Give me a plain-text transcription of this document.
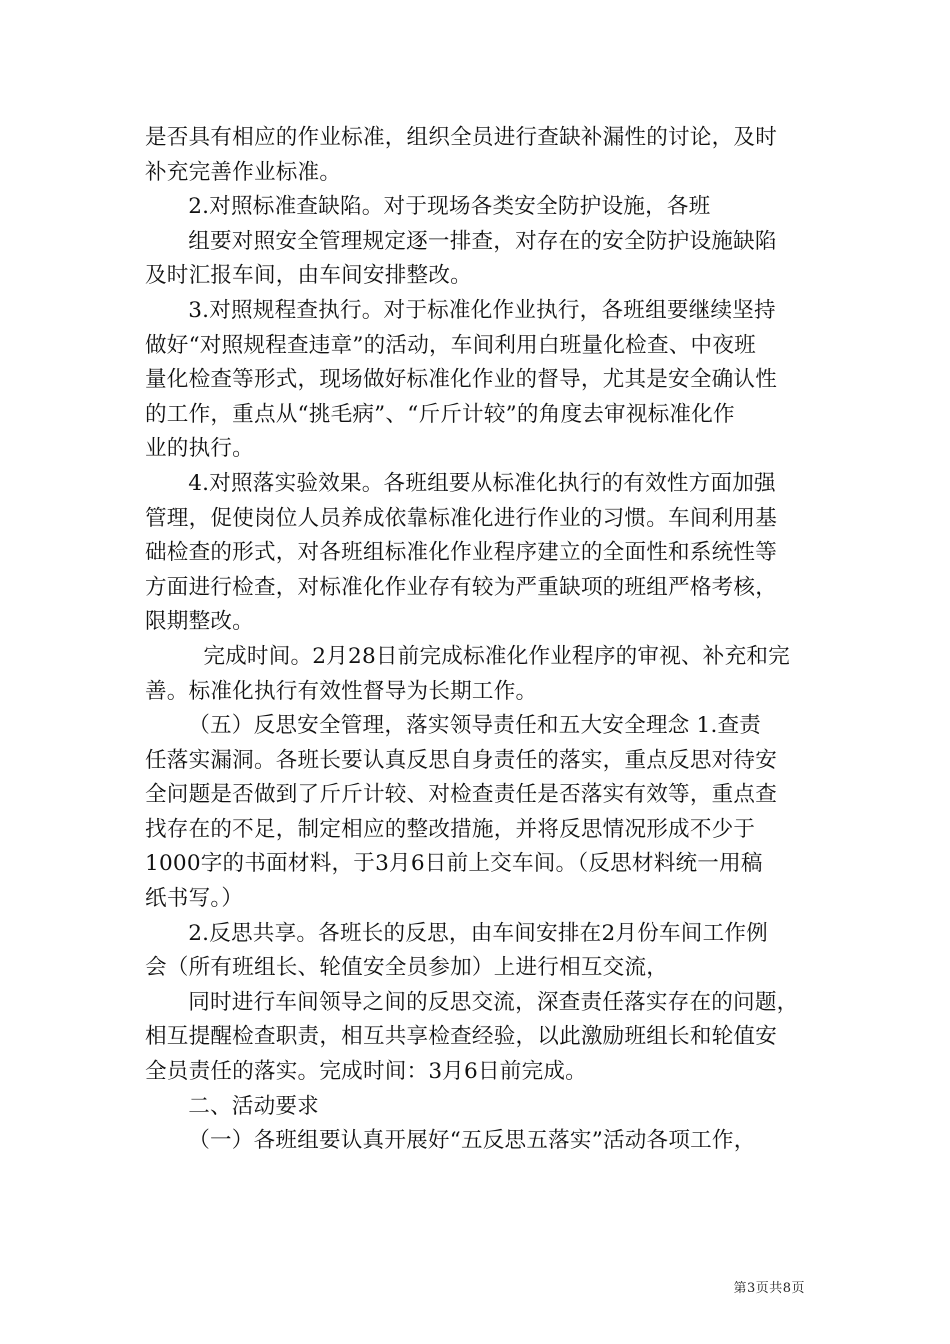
是否具有相应的作业标准，组织全员进行查缺补漏性的讨论，及时

补充完善作业标准。

2.对照标准查缺陷。对于现场各类安全防护设施，各班

组要对照安全管理规定逐一排查，对存在的安全防护设施缺陷

及时汇报车间，由车间安排整改。

3.对照规程查执行。对于标准化作业执行，各班组要继续坚持

做好“对照规程查违章”的活动，车间利用白班量化检查、中夜班

量化检查等形式，现场做好标准化作业的督导，尤其是安全确认性

的工作，重点从“挑毛病”、“斤斤计较”的角度去审视标准化作

业的执行。

4.对照落实验效果。各班组要从标准化执行的有效性方面加强

管理，促使岗位人员养成依靠标准化进行作业的习惯。车间利用基

础检查的形式，对各班组标准化作业程序建立的全面性和系统性等

方面进行检查，对标准化作业存有较为严重缺项的班组严格考核，

限期整改。

完成时间。2月28日前完成标准化作业程序的审视、补充和完

善。标准化执行有效性督导为长期工作。

（五）反思安全管理，落实领导责任和五大安全理念 1.查责

任落实漏洞。各班长要认真反思自身责任的落实，重点反思对待安

全问题是否做到了斤斤计较、对检查责任是否落实有效等，重点查

找存在的不足，制定相应的整改措施，并将反思情况形成不少于

1000字的书面材料，于3月6日前上交车间。（反思材料统一用稿

纸书写。）

2.反思共享。各班长的反思，由车间安排在2月份车间工作例

会（所有班组长、轮值安全员参加）上进行相互交流，

同时进行车间领导之间的反思交流，深查责任落实存在的问题，

相互提醒检查职责，相互共享检查经验，以此激励班组长和轮值安

全员责任的落实。完成时间：3月6日前完成。

二、活动要求

（一）各班组要认真开展好“五反思五落实”活动各项工作，

第3页共8页
